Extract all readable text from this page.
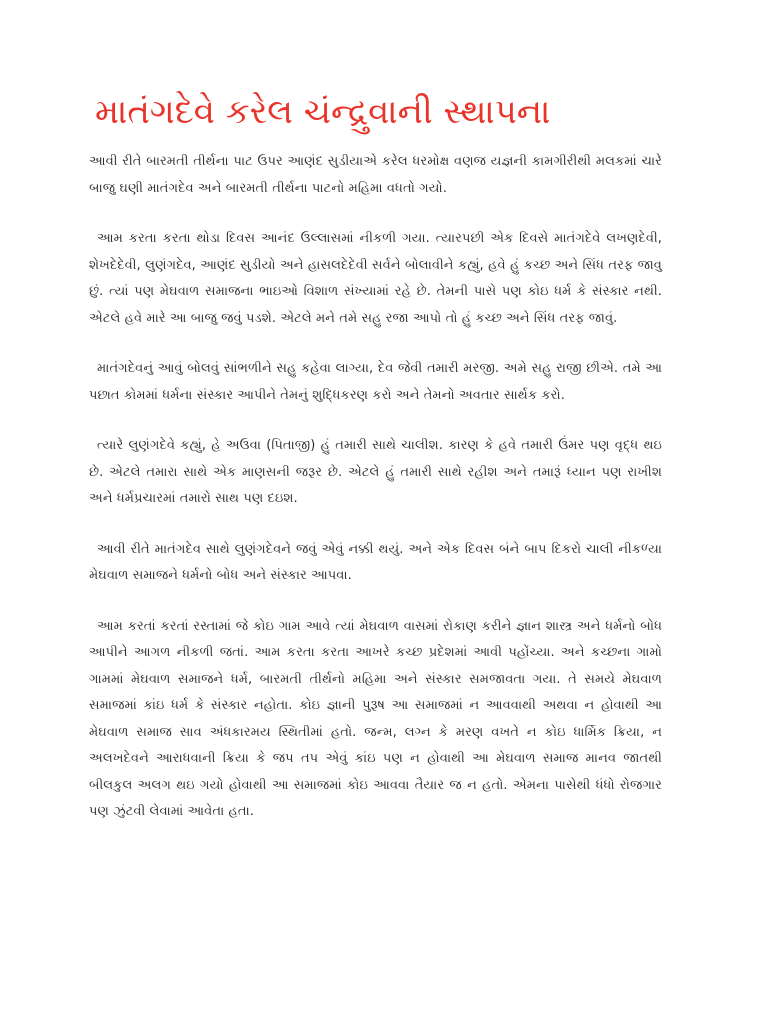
માતંગદેવે કરેલ ચંન્દ્રુવાની સ્થાપના

આવી રીતે બારમતી તીર્થના પાટ ઉપર આણંદ સુડીયાએ કરેલ ધરમોક્ષ વણજ યજ્ઞની કામગીરીથી મલકમાં ચારે બાજુ ઘણી માતંગદેવ અને બારમતી તીર્થના પાટનો મહિમા વધતો ગયો.

આમ કરતા કરતા થોડા દિવસ આનંદ ઉલ્લાસમાં નીકળી ગયા. ત્યારપછી એક દિવસે માતંગદેવે લખણદેવી, શેખદેદેવી, લુણંગદેવ, આણંદ સુડીયો અને હાસલદેદેવી સર્વને બોલાવીને કહ્યું, હવે હું કચ્છ અને સિંધ તરફ જાવુ છું. ત્યાં પણ મેઘવાળ સમાજના ભાઇઓ વિશાળ સંખ્યામાં રહે છે. તેમની પાસે પણ કોઇ ધર્મ કે સંસ્કાર નથી. એટલે હવે મારે આ બાજુ જવું પડશે. એટલે મને તમે સહુ રજા આપો તો હું કચ્છ અને સિંધ તરફ જાવું.

માતંગદેવનું આવું બોલવું સાંભળીને સહુ કહેવા લાગ્યા, દેવ જેવી તમારી મરજી. અમે સહુ રાજી છીએ. તમે આ પછાત કોમમાં ધર્મના સંસ્કાર આપીને તેમનું શુદ્ધિકરણ કરો અને તેમનો અવતાર સાર્થક કરો.

ત્યારે લુણંગદેવે કહ્યું, હે અઉવા (પિતાજી) હું તમારી સાથે ચાલીશ. કારણ કે હવે તમારી ઉંમર પણ વૃદ્ધ થઇ છે. એટલે તમારા સાથે એક માણસની જરૂર છે. એટલે હું તમારી સાથે રહીશ અને તમારૂં ધ્યાન પણ રાખીશ અને ધર્મપ્રચારમાં તમારો સાથ પણ દઇશ.

આવી રીતે માતંગદેવ સાથે લુણંગદેવને જવું એવું નક્કી થયું. અને એક દિવસ બંને બાપ દિકરો ચાલી નીકળ્યા મેઘવાળ સમાજને ધર્મનો બોધ અને સંસ્કાર આપવા.

આમ કરતાં કરતાં રસ્તામાં જે કોઇ ગામ આવે ત્યાં મેઘવાળ વાસમાં રોકાણ કરીને જ્ઞાન શાસ્ત્ર અને ધર્મનો બોધ આપીને આગળ નીકળી જતાં. આમ કરતા કરતા આખરે કચ્છ પ્રદેશમાં આવી પહોંચ્યા. અને કચ્છના ગામો ગામમાં મેઘવાળ સમાજને ધર્મ, બારમતી તીર્થનો મહિમા અને સંસ્કાર સમજાવતા ગયા. તે સમયે મેઘવાળ સમાજમાં કાંઇ ધર્મ કે સંસ્કાર નહોતા. કોઇ જ્ઞાની પુરૂષ આ સમાજમાં ન આવવાથી અથવા ન હોવાથી આ મેઘવાળ સમાજ સાવ અંધકારમય સ્થિતીમાં હતો. જન્મ, લગ્ન કે મરણ વખતે ન કોઇ ધાર્મિક ક્રિયા, ન અલખદેવને આરાધવાની ક્રિયા કે જપ તપ એવું કાંઇ પણ ન હોવાથી આ મેઘવાળ સમાજ માનવ જાતથી બીલકુલ અલગ થઇ ગયો હોવાથી આ સમાજમાં કોઇ આવવા તૈયાર જ ન હતો. એમના પાસેથી ધંધો રોજગાર પણ ઝુંટવી લેવામાં આવેતા હતા.
